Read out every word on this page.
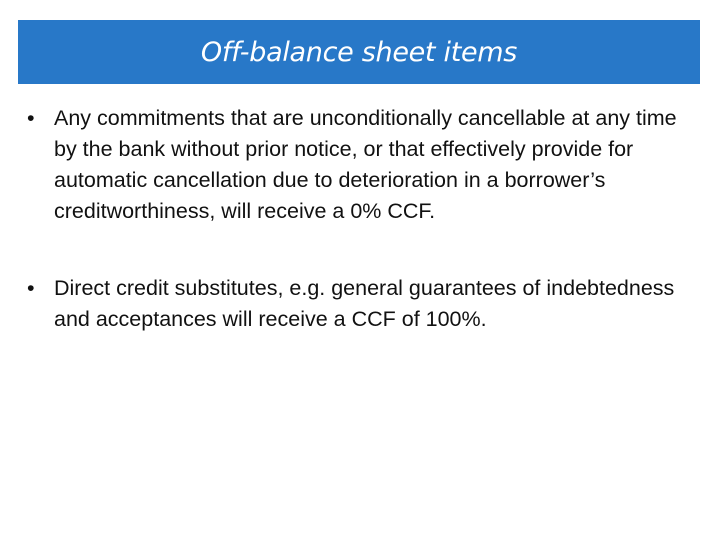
Off-balance sheet items
• Any commitments that are unconditionally cancellable at any time by the bank without prior notice, or that effectively provide for automatic cancellation due to deterioration in a borrower’s creditworthiness, will receive a 0% CCF.
• Direct credit substitutes, e.g. general guarantees of indebtedness and acceptances will receive a CCF of 100%.
